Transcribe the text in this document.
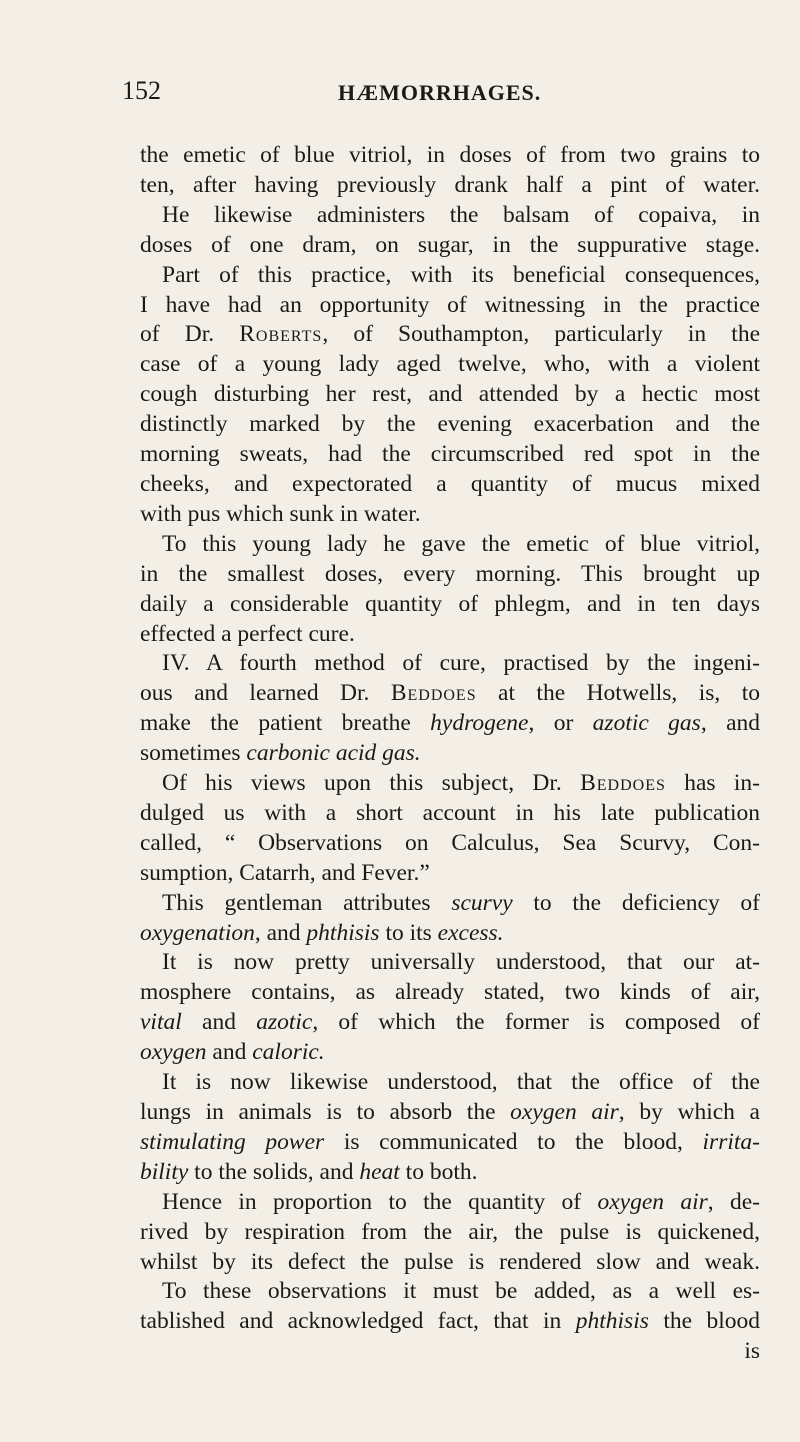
152	HÆMORRHAGES.
the emetic of blue vitriol, in doses of from two grains to
ten, after having previously drank half a pint of water.
He likewise administers the balsam of copaiva, in
doses of one dram, on sugar, in the suppurative stage.
Part of this practice, with its beneficial consequences,
I have had an opportunity of witnessing in the practice
of Dr. Roberts, of Southampton, particularly in the
case of a young lady aged twelve, who, with a violent
cough disturbing her rest, and attended by a hectic most
distinctly marked by the evening exacerbation and the
morning sweats, had the circumscribed red spot in the
cheeks, and expectorated a quantity of mucus mixed
with pus which sunk in water.
To this young lady he gave the emetic of blue vitriol,
in the smallest doses, every morning. This brought up
daily a considerable quantity of phlegm, and in ten days
effected a perfect cure.
IV. A fourth method of cure, practised by the ingeni-
ous and learned Dr. Beddoes at the Hotwells, is, to
make the patient breathe hydrogene, or azotic gas, and
sometimes carbonic acid gas.
Of his views upon this subject, Dr. Beddoes has in-
dulged us with a short account in his late publication
called, “ Observations on Calculus, Sea Scurvy, Con-
sumption, Catarrh, and Fever.”
This gentleman attributes scurvy to the deficiency of
oxygenation, and phthisis to its excess.
It is now pretty universally understood, that our at-
mosphere contains, as already stated, two kinds of air,
vital and azotic, of which the former is composed of
oxygen and caloric.
It is now likewise understood, that the office of the
lungs in animals is to absorb the oxygen air, by which a
stimulating power is communicated to the blood, irrita-
bility to the solids, and heat to both.
Hence in proportion to the quantity of oxygen air, de-
rived by respiration from the air, the pulse is quickened,
whilst by its defect the pulse is rendered slow and weak.
To these observations it must be added, as a well es-
tablished and acknowledged fact, that in phthisis the blood
is
